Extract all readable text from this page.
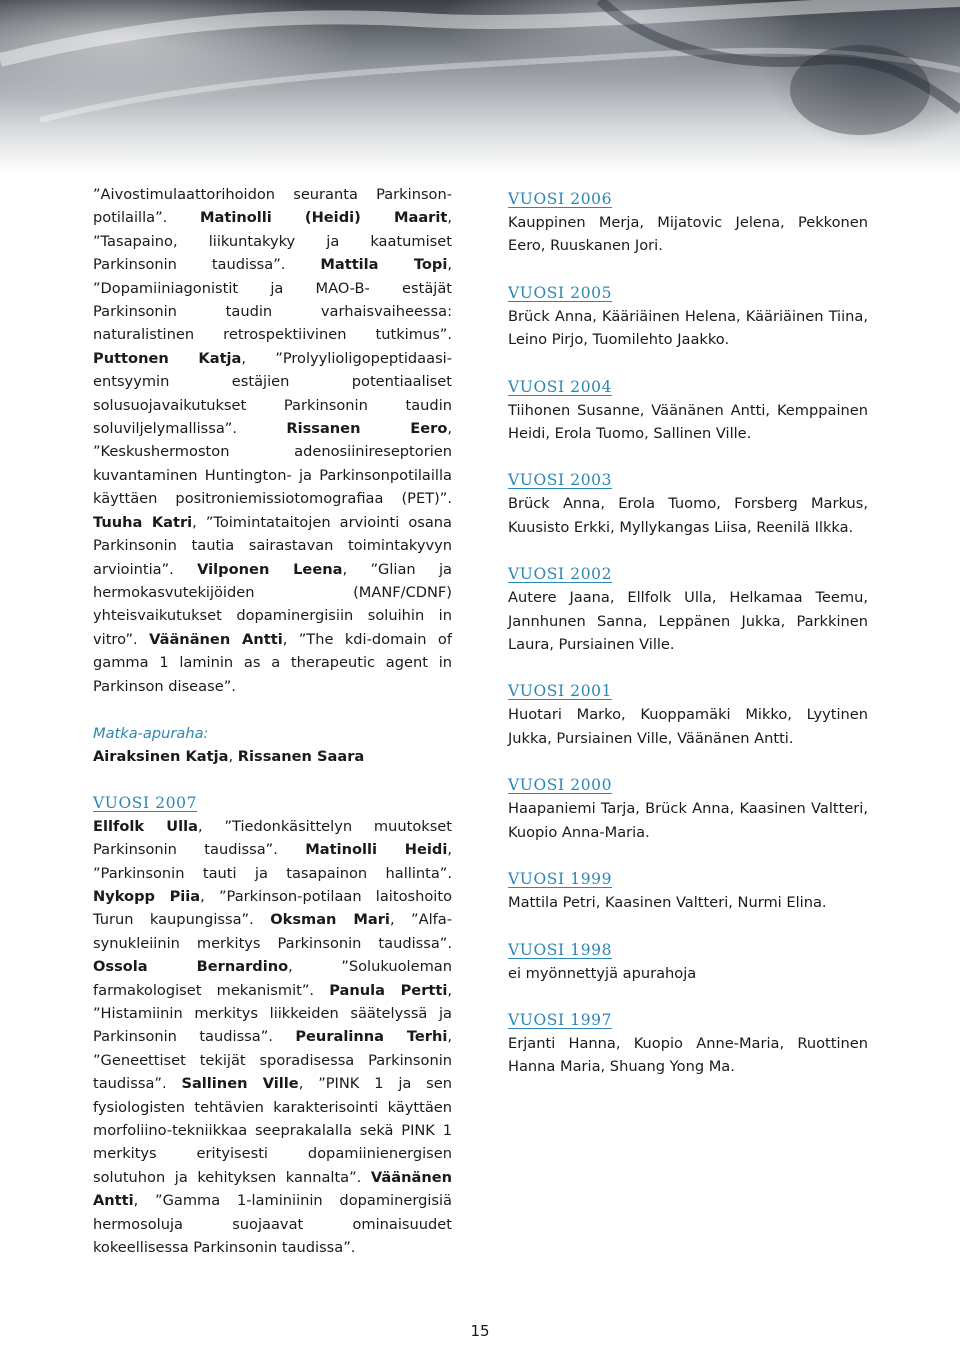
”Aivostimulaattorihoidon seuranta Parkinson-potilailla”. Matinolli (Heidi) Maarit, ”Tasapaino, liikuntakyky ja kaatumiset Parkinsonin taudissa”. Mattila Topi, ”Dopamiiniagonistit ja MAO-B- estäjät Parkinsonin taudin varhaisvaiheessa: naturalistinen retrospektiivinen tutkimus”. Puttonen Katja, ”Prolyylioligopeptidaasi-entsyymin estäjien potentiaaliset solusuojavaikutukset Parkinsonin taudin soluviljelymallissa”. Rissanen Eero, ”Keskushermoston adenosiinireseptorien kuvantaminen Huntington- ja Parkinsonpotilailla käyttäen positroniemissiotomografiaa (PET)”. Tuuha Katri, ”Toimintataitojen arviointi osana Parkinsonin tautia sairastavan toimintakyvyn arviointia”. Vilponen Leena, ”Glian ja hermokasvutekijöiden (MANF/CDNF) yhteisvaikutukset dopaminergisiin soluihin in vitro”. Väänänen Antti, ”The kdi-domain of gamma 1 laminin as a therapeutic agent in Parkinson disease”.

Matka-apuraha:

Airaksinen Katja, Rissanen Saara

VUOSI 2007

Ellfolk Ulla, ”Tiedonkäsittelyn muutokset Parkinsonin taudissa”. Matinolli Heidi, ”Parkinsonin tauti ja tasapainon hallinta”. Nykopp Piia, ”Parkinson-potilaan laitoshoito Turun kaupungissa”. Oksman Mari, ”Alfa-synukleiinin merkitys Parkinsonin taudissa”. Ossola Bernardino, ”Solukuoleman farmakologiset mekanismit”. Panula Pertti, ”Histamiinin merkitys liikkeiden säätelyssä ja Parkinsonin taudissa”. Peuralinna Terhi, ”Geneettiset tekijät sporadisessa Parkinsonin taudissa”. Sallinen Ville, ”PINK 1 ja sen fysiologisten tehtävien karakterisointi käyttäen morfoliino-tekniikkaa seeprakalalla sekä PINK 1 merkitys erityisesti dopamiinienergisen solutuhon ja kehityksen kannalta”. Väänänen Antti, ”Gamma 1-laminiinin dopaminergisiä hermosoluja suojaavat ominaisuudet kokeellisessa Parkinsonin taudissa”.

VUOSI 2006

Kauppinen Merja, Mijatovic Jelena, Pekkonen Eero, Ruuskanen Jori.

VUOSI 2005

Brück Anna, Kääriäinen Helena, Kääriäinen Tiina, Leino Pirjo, Tuomilehto Jaakko.

VUOSI 2004

Tiihonen Susanne, Väänänen Antti, Kemppainen Heidi, Erola Tuomo, Sallinen Ville.

VUOSI 2003

Brück Anna, Erola Tuomo, Forsberg Markus, Kuusisto Erkki, Myllykangas Liisa, Reenilä Ilkka.

VUOSI 2002

Autere Jaana, Ellfolk Ulla, Helkamaa Teemu, Jannhunen Sanna, Leppänen Jukka, Parkkinen Laura, Pursiainen Ville.

VUOSI 2001

Huotari Marko, Kuoppamäki Mikko, Lyytinen Jukka, Pursiainen Ville, Väänänen Antti.

VUOSI 2000

Haapaniemi Tarja, Brück Anna, Kaasinen Valtteri, Kuopio Anna-Maria.

VUOSI 1999

Mattila Petri, Kaasinen Valtteri, Nurmi Elina.

VUOSI 1998

ei myönnettyjä apurahoja

VUOSI 1997

Erjanti Hanna, Kuopio Anne-Maria, Ruottinen Hanna Maria, Shuang Yong Ma.

15
